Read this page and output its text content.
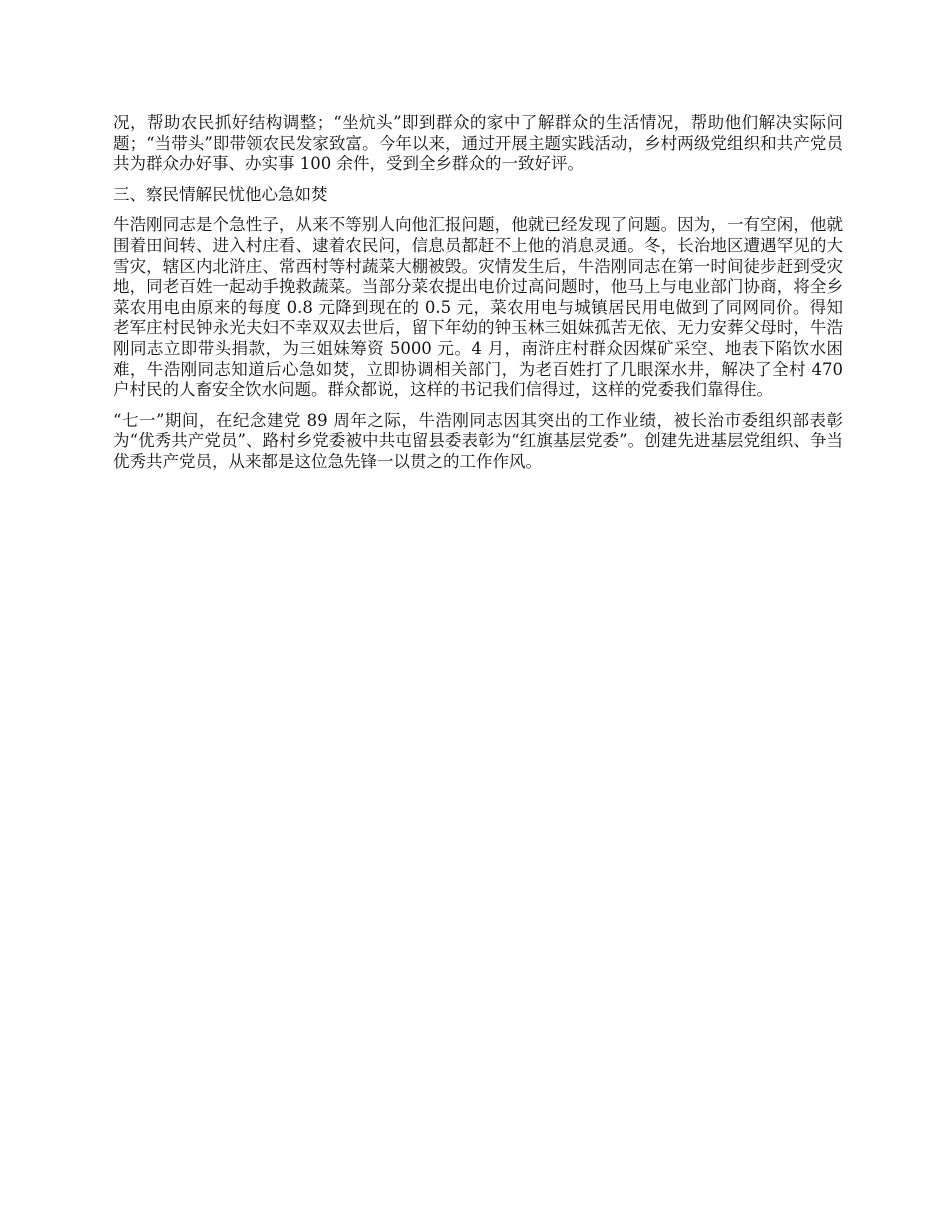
况，帮助农民抓好结构调整；“坐炕头”即到群众的家中了解群众的生活情况，帮助他们解决实际问题；“当带头”即带领农民发家致富。今年以来，通过开展主题实践活动，乡村两级党组织和共产党员共为群众办好事、办实事 100 余件，受到全乡群众的一致好评。

三、察民情解民忧他心急如焚

牛浩刚同志是个急性子，从来不等别人向他汇报问题，他就已经发现了问题。因为，一有空闲，他就围着田间转、进入村庄看、逮着农民问，信息员都赶不上他的消息灵通。冬，长治地区遭遇罕见的大雪灾，辖区内北浒庄、常西村等村蔬菜大棚被毁。灾情发生后，牛浩刚同志在第一时间徒步赶到受灾地，同老百姓一起动手挽救蔬菜。当部分菜农提出电价过高问题时，他马上与电业部门协商，将全乡菜农用电由原来的每度 0.8 元降到现在的 0.5 元，菜农用电与城镇居民用电做到了同网同价。得知老军庄村民钟永光夫妇不幸双双去世后，留下年幼的钟玉林三姐妹孤苦无依、无力安葬父母时，牛浩刚同志立即带头捐款，为三姐妹筹资 5000 元。4 月，南浒庄村群众因煤矿采空、地表下陷饮水困难，牛浩刚同志知道后心急如焚，立即协调相关部门，为老百姓打了几眼深水井，解决了全村 470 户村民的人畜安全饮水问题。群众都说，这样的书记我们信得过，这样的党委我们靠得住。

“七一”期间，在纪念建党 89 周年之际，牛浩刚同志因其突出的工作业绩，被长治市委组织部表彰为“优秀共产党员”、路村乡党委被中共屯留县委表彰为“红旗基层党委”。创建先进基层党组织、争当优秀共产党员，从来都是这位急先锋一以贯之的工作作风。
